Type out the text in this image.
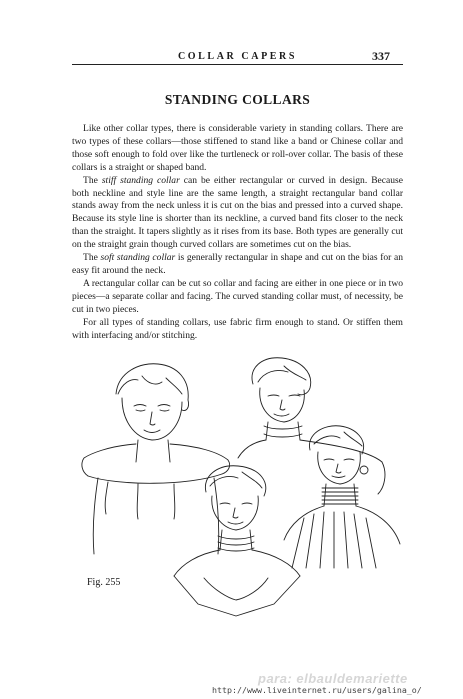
COLLAR CAPERS	337
STANDING COLLARS

Like other collar types, there is considerable variety in standing collars. There are two types of these collars—those stiffened to stand like a band or Chinese collar and those soft enough to fold over like the turtleneck or roll-over collar. The basis of these collars is a straight or shaped band.

The stiff standing collar can be either rectangular or curved in design. Because both neckline and style line are the same length, a straight rectangular band collar stands away from the neck unless it is cut on the bias and pressed into a curved shape. Because its style line is shorter than its neckline, a curved band fits closer to the neck than the straight. It tapers slightly as it rises from its base. Both types are generally cut on the straight grain though curved collars are sometimes cut on the bias.

The soft standing collar is generally rectangular in shape and cut on the bias for an easy fit around the neck.

A rectangular collar can be cut so collar and facing are either in one piece or in two pieces—a separate collar and facing. The curved standing collar must, of necessity, be cut in two pieces.

For all types of standing collars, use fabric firm enough to stand. Or stiffen them with interfacing and/or stitching.

Fig. 255
para: elbauldemariette
http://www.liveinternet.ru/users/galina_o/
